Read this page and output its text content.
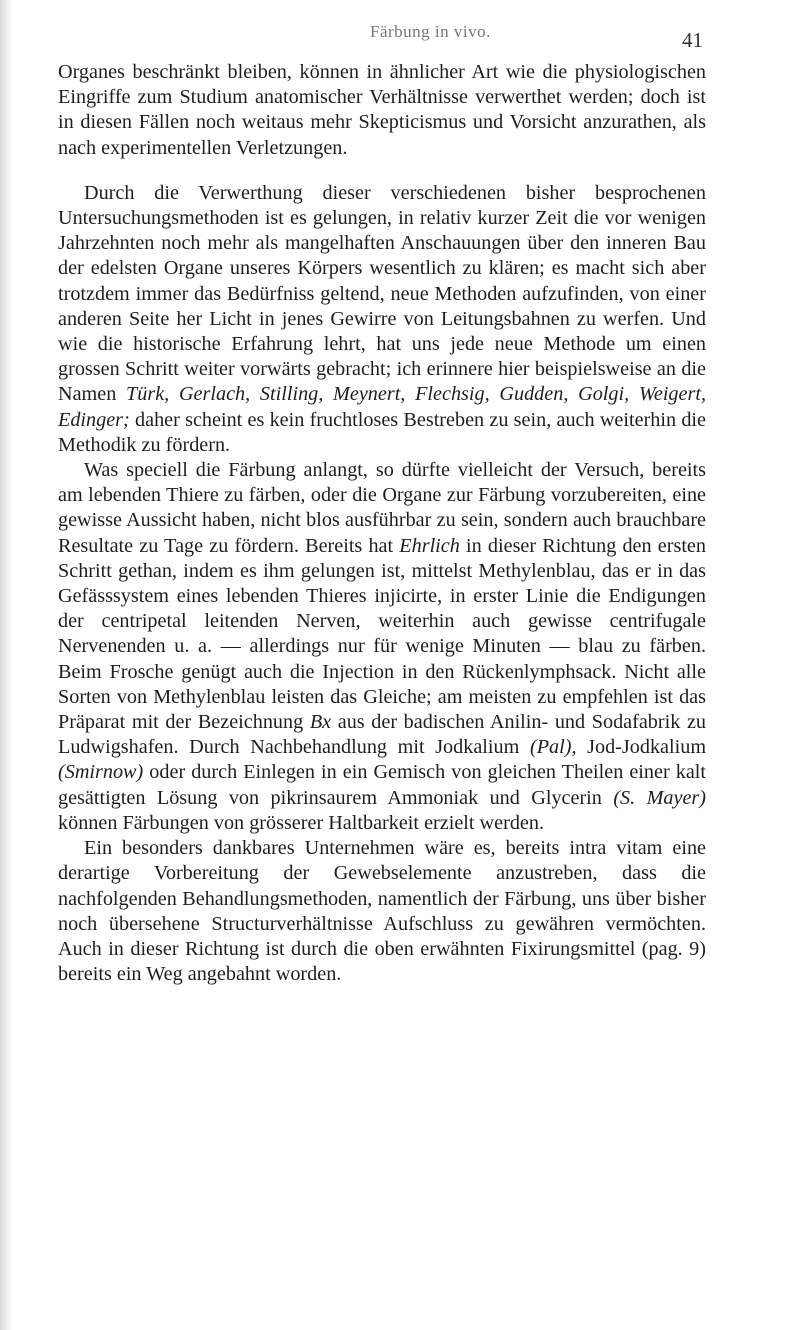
Färbung in vivo.	41

Organes beschränkt bleiben, können in ähnlicher Art wie die physiologischen Eingriffe zum Studium anatomischer Verhältnisse verwerthet werden; doch ist in diesen Fällen noch weitaus mehr Skepticismus und Vorsicht anzurathen, als nach experimentellen Verletzungen.

Durch die Verwerthung dieser verschiedenen bisher besprochenen Untersuchungsmethoden ist es gelungen, in relativ kurzer Zeit die vor wenigen Jahrzehnten noch mehr als mangelhaften Anschauungen über den inneren Bau der edelsten Organe unseres Körpers wesentlich zu klären; es macht sich aber trotzdem immer das Bedürfniss geltend, neue Methoden aufzufinden, von einer anderen Seite her Licht in jenes Gewirre von Leitungsbahnen zu werfen. Und wie die historische Erfahrung lehrt, hat uns jede neue Methode um einen grossen Schritt weiter vorwärts gebracht; ich erinnere hier beispielsweise an die Namen Türk, Gerlach, Stilling, Meynert, Flechsig, Gudden, Golgi, Weigert, Edinger; daher scheint es kein fruchtloses Bestreben zu sein, auch weiterhin die Methodik zu fördern.

Was speciell die Färbung anlangt, so dürfte vielleicht der Versuch, bereits am lebenden Thiere zu färben, oder die Organe zur Färbung vorzubereiten, eine gewisse Aussicht haben, nicht blos ausführbar zu sein, sondern auch brauchbare Resultate zu Tage zu fördern. Bereits hat Ehrlich in dieser Richtung den ersten Schritt gethan, indem es ihm gelungen ist, mittelst Methylenblau, das er in das Gefässsystem eines lebenden Thieres injicirte, in erster Linie die Endigungen der centripetal leitenden Nerven, weiterhin auch gewisse centrifugale Nervenenden u. a. — allerdings nur für wenige Minuten — blau zu färben. Beim Frosche genügt auch die Injection in den Rückenlymphsack. Nicht alle Sorten von Methylenblau leisten das Gleiche; am meisten zu empfehlen ist das Präparat mit der Bezeichnung Bx aus der badischen Anilin- und Sodafabrik zu Ludwigshafen. Durch Nachbehandlung mit Jodkalium (Pal), Jod-Jodkalium (Smirnow) oder durch Einlegen in ein Gemisch von gleichen Theilen einer kalt gesättigten Lösung von pikrinsaurem Ammoniak und Glycerin (S. Mayer) können Färbungen von grösserer Haltbarkeit erzielt werden.

Ein besonders dankbares Unternehmen wäre es, bereits intra vitam eine derartige Vorbereitung der Gewebselemente anzustreben, dass die nachfolgenden Behandlungsmethoden, namentlich der Färbung, uns über bisher noch übersehene Structurverhältnisse Aufschluss zu gewähren vermöchten. Auch in dieser Richtung ist durch die oben erwähnten Fixirungsmittel (pag. 9) bereits ein Weg angebahnt worden.
